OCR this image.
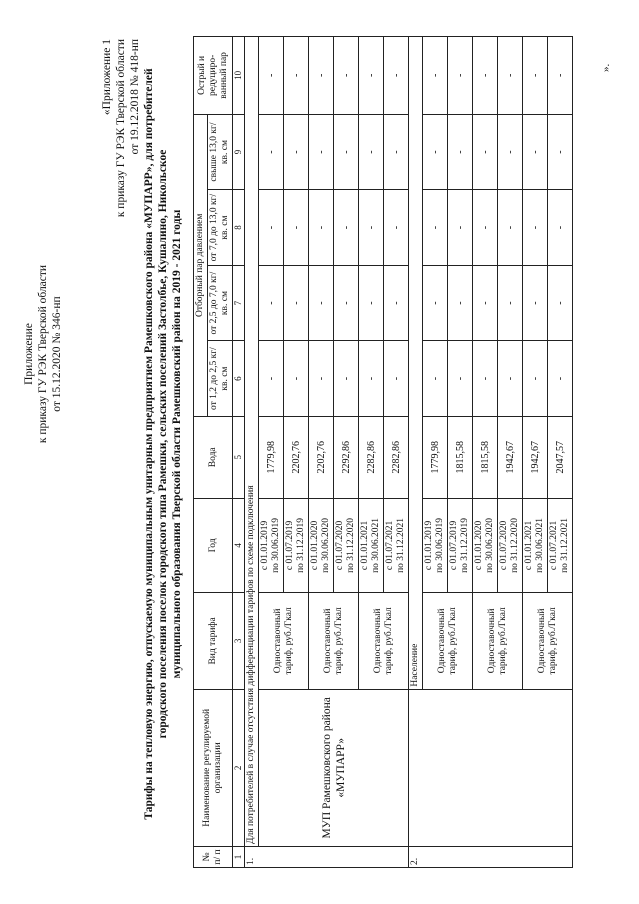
Приложение к приказу ГУ РЭК Тверской области от 15.12.2020 № 346-нп
«Приложение 1 к приказу ГУ РЭК Тверской области от 19.12.2018 № 418-нп Тарифы на тепловую энергию, отпускаемую муниципальным унитарным предприятием Рамешковского района «МУПАРР», для потребителей городского поселения поселок городского типа Рамешки, сельских поселений Застолбье, Кушалино, Никольское муниципального образования Тверской области Рамешковский район на 2019 - 2021 годы
№ п/ п	Наименование регулируемой организации	Вид тарифа	Год	Вода	Отборный пар давлением				Острый и редуциро- ванный пар
					от 1,2 до 2,5 кг/кв. см	от 2,5 до 7,0 кг/кв. см	от 7,0 до 13,0 кг/кв. см	свыше 13,0 кг/кв. см	
1	2	3	4	5	6	7	8	9	10
1.	Для потребителей в случае отсутствия дифференциации тарифов по схеме подключения								
	МУП Рамешковского района «МУПАРР»	Одноставочный тариф, руб./Гкал	с 01.01.2019 по 30.06.2019	1779,98	-	-	-	-	-

			с 01.07.2019 по 31.12.2019	2202,76	-	-	-	-	-
		Одноставочный тариф, руб./Гкал	с 01.01.2020 по 30.06.2020	2202,76	-	-	-	-	-

			с 01.07.2020 по 31.12.2020	2292,86	-	-	-	-	-
		Одноставочный тариф, руб./Гкал	с 01.01.2021 по 30.06.2021	2282,86	-	-	-	-	-

			с 01.07.2021 по 31.12.2021	2282,86	-	-	-	-	-
2.		Население							
		Одноставочный тариф, руб./Гкал	с 01.01.2019 по 30.06.2019	1779,98	-	-	-	-	-

			с 01.07.2019 по 31.12.2019	1815,58	-	-	-	-	-
		Одноставочный тариф, руб./Гкал	с 01.01.2020 по 30.06.2020	1815,58	-	-	-	-	-

			с 01.07.2020 по 31.12.2020	1942,67	-	-	-	-	-
		Одноставочный тариф, руб./Гкал	с 01.01.2021 по 30.06.2021	1942,67	-	-	-	-	-

			с 01.07.2021 по 31.12.2021	2047,57	-	-	-	-	-
».
